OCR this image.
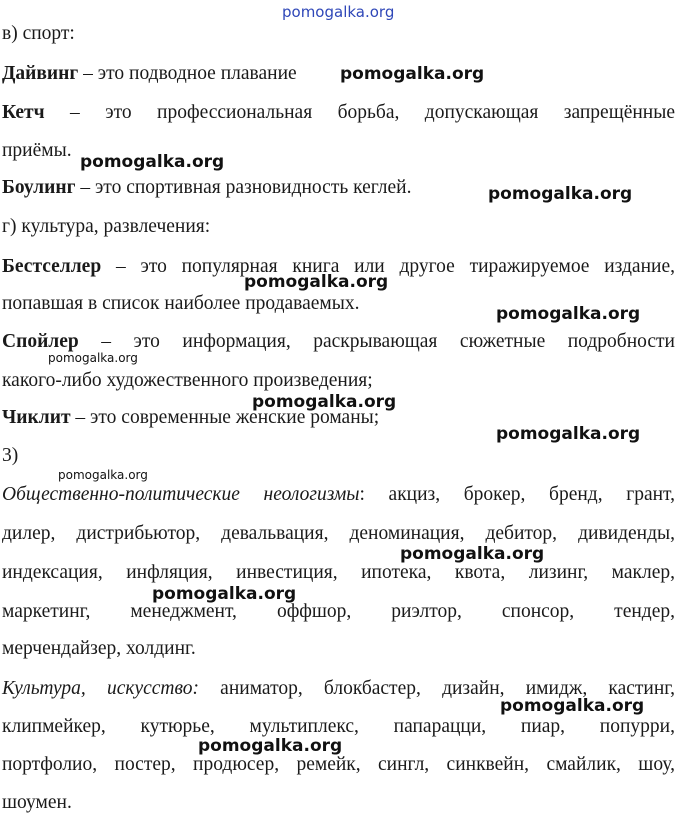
pomogalka.org
pomogalka.org
pomogalka.org
pomogalka.org
pomogalka.org
pomogalka.org
pomogalka.org
pomogalka.org
pomogalka.org
pomogalka.org
pomogalka.org
pomogalka.org
pomogalka.org
pomogalka.org

в) спорт:

Дайвинг – это подводное плавание

Кетч – это профессиональная борьба, допускающая запрещённые

приёмы.

Боулинг – это спортивная разновидность кеглей.

г) культура, развлечения:

Бестселлер – это популярная книга или другое тиражируемое издание,

попавшая в список наиболее продаваемых.

Спойлер – это информация, раскрывающая сюжетные подробности

какого-либо художественного произведения;

Чиклит – это современные женские романы;

3)

Общественно-политические неологизмы: акциз, брокер, бренд, грант,

дилер, дистрибьютор, девальвация, деноминация, дебитор, дивиденды,

индексация, инфляция, инвестиция, ипотека, квота, лизинг, маклер,

маркетинг, менеджмент, оффшор, риэлтор, спонсор, тендер,

мерчендайзер, холдинг.

Культура, искусство: аниматор, блокбастер, дизайн, имидж, кастинг,

клипмейкер, кутюрье, мультиплекс, папарацци, пиар, попурри,

портфолио, постер, продюсер, ремейк, сингл, синквейн, смайлик, шоу,

шоумен.
